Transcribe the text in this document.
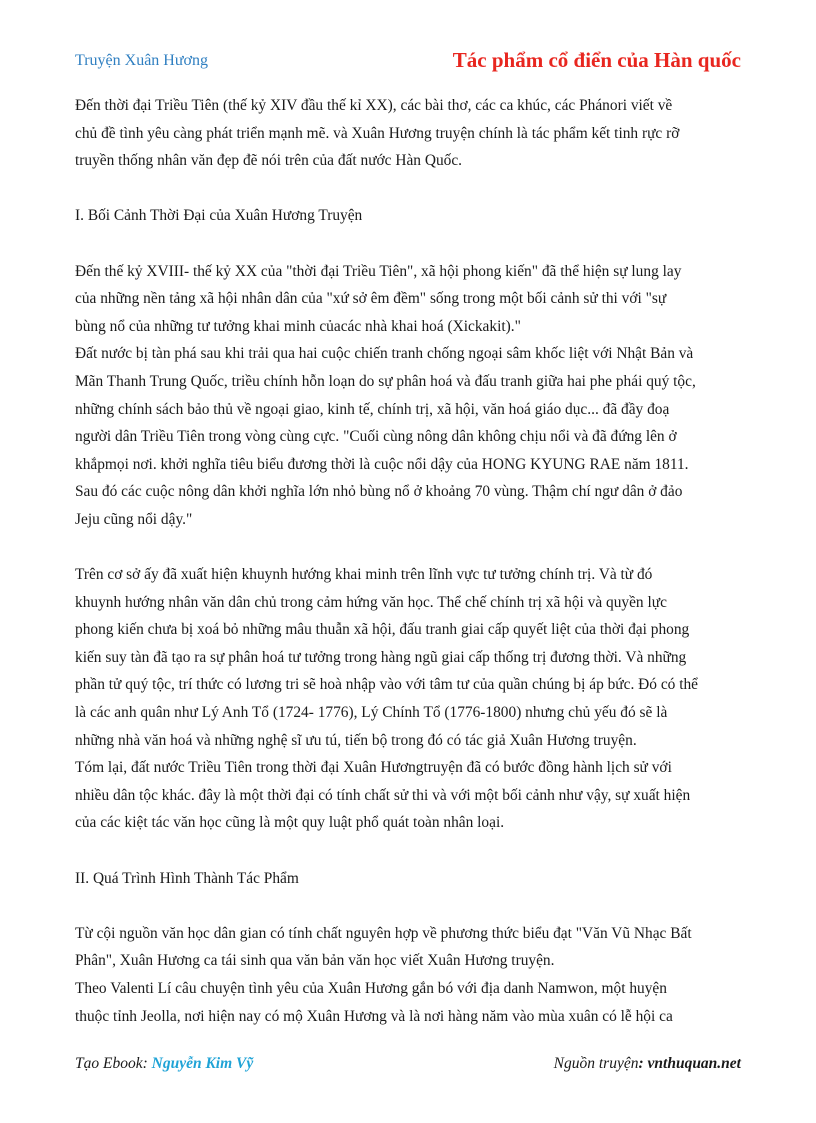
Truyện Xuân Hương	Tác phẩm cổ điển của Hàn quốc
Đến thời đại Triều Tiên (thế kỷ XIV đầu thế kỉ XX), các bài thơ, các ca khúc, các Phánori viết về
chủ đề tình yêu càng phát triển mạnh mẽ. và Xuân Hương truyện chính là tác phẩm kết tinh rực rỡ
truyền thống nhân văn đẹp đẽ nói trên của đất nước Hàn Quốc.
I. Bối Cảnh Thời Đại của Xuân Hương Truyện
Đến thế kỷ XVIII- thế kỷ XX của "thời đại Triều Tiên", xã hội phong kiến" đã thể hiện sự lung lay
của những nền tảng xã hội nhân dân của "xứ sở êm đềm" sống trong một bối cảnh sử thi với "sự
bùng nổ của những tư tưởng khai minh củacác nhà khai hoá (Xickakit)."
Đất nước bị tàn phá sau khi trải qua hai cuộc chiến tranh chống ngoại sâm khốc liệt với Nhật Bản và
Mãn Thanh Trung Quốc, triều chính hỗn loạn do sự phân hoá và đấu tranh giữa hai phe phái quý tộc,
những chính sách bảo thủ về ngoại giao, kinh tế, chính trị, xã hội, văn hoá giáo dục... đã đầy đoạ
người dân Triều Tiên trong vòng cùng cực. "Cuối cùng nông dân không chịu nổi và đã đứng lên ở
khắpmọi nơi. khởi nghĩa tiêu biểu đương thời là cuộc nổi dậy của HONG KYUNG RAE năm 1811.
Sau đó các cuộc nông dân khởi nghĩa lớn nhỏ bùng nổ ở khoảng 70 vùng. Thậm chí ngư dân ở đảo
Jeju cũng nổi dậy."
Trên cơ sở ấy đã xuất hiện khuynh hướng khai minh trên lĩnh vực tư tưởng chính trị. Và từ đó
khuynh hướng nhân văn dân chủ trong cảm hứng văn học. Thể chế chính trị xã hội và quyền lực
phong kiến chưa bị xoá bỏ những mâu thuẫn xã hội, đấu tranh giai cấp quyết liệt của thời đại phong
kiến suy tàn đã tạo ra sự phân hoá tư tưởng trong hàng ngũ giai cấp thống trị đương thời. Và những
phần tử quý tộc, trí thức có lương tri sẽ hoà nhập vào với tâm tư của quần chúng bị áp bức. Đó có thể
là các anh quân như Lý Anh Tổ (1724- 1776), Lý Chính Tổ (1776-1800) nhưng chủ yếu đó sẽ là
những nhà văn hoá và những nghệ sĩ ưu tú, tiến bộ trong đó có tác giả Xuân Hương truyện.
Tóm lại, đất nước Triều Tiên trong thời đại Xuân Hươngtruyện đã có bước đồng hành lịch sử với
nhiều dân tộc khác. đây là một thời đại có tính chất sử thi và với một bối cảnh như vậy, sự xuất hiện
của các kiệt tác văn học cũng là một quy luật phổ quát toàn nhân loại.
II. Quá Trình Hình Thành Tác Phẩm
Từ cội nguồn văn học dân gian có tính chất nguyên hợp về phương thức biểu đạt "Văn Vũ Nhạc Bất
Phân", Xuân Hương ca tái sinh qua văn bản văn học viết Xuân Hương truyện.
Theo Valenti Lí câu chuyện tình yêu của Xuân Hương gắn bó với địa danh Namwon, một huyện
thuộc tỉnh Jeolla, nơi hiện nay có mộ Xuân Hương và là nơi hàng năm vào mùa xuân có lễ hội ca
Tạo Ebook: Nguyễn Kim Vỹ	Nguồn truyện: vnthuquan.net
